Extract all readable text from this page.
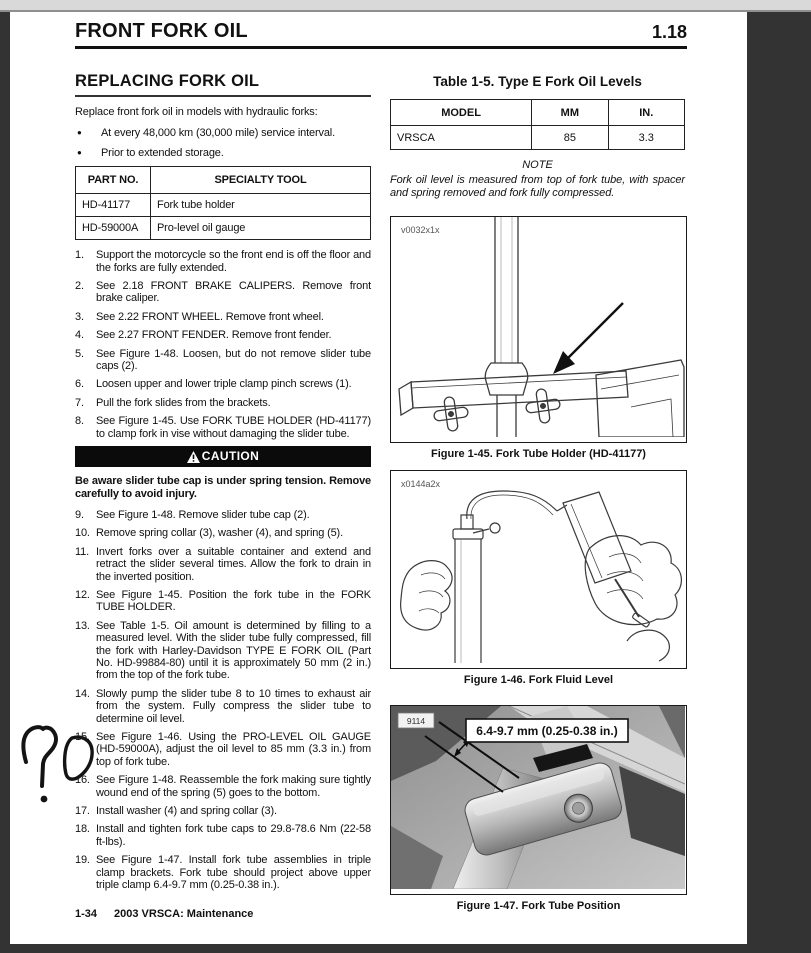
FRONT FORK OIL	1.18
REPLACING FORK OIL

Replace front fork oil in models with hydraulic forks:

●	At every 48,000 km (30,000 mile) service interval.
●	Prior to extended storage.
PART NO.	SPECIALTY TOOL
HD-41177	Fork tube holder
HD-59000A	Pro-level oil gauge
1.	Support the motorcycle so the front end is off the floor and the forks are fully extended.
2.	See 2.18 FRONT BRAKE CALIPERS. Remove front brake caliper.
3.	See 2.22 FRONT WHEEL. Remove front wheel.
4.	See 2.27 FRONT FENDER. Remove front fender.
5.	See Figure 1-48. Loosen, but do not remove slider tube caps (2).
6.	Loosen upper and lower triple clamp pinch screws (1).
7.	Pull the fork slides from the brackets.
8.	See Figure 1-45. Use FORK TUBE HOLDER (HD-41177) to clamp fork in vise without damaging the slider tube.
CAUTION

Be aware slider tube cap is under spring tension. Remove carefully to avoid injury.

9.	See Figure 1-48. Remove slider tube cap (2).
10. Remove spring collar (3), washer (4), and spring (5).
11. Invert forks over a suitable container and extend and retract the slider several times. Allow the fork to drain in the inverted position.
12. See Figure 1-45. Position the fork tube in the FORK TUBE HOLDER.
13. See Table 1-5. Oil amount is determined by filling to a measured level. With the slider tube fully compressed, fill the fork with Harley-Davidson TYPE E FORK OIL (Part No. HD-99884-80) until it is approximately 50 mm (2 in.) from the top of the fork tube.
14. Slowly pump the slider tube 8 to 10 times to exhaust air from the system. Fully compress the slider tube to determine oil level.
15. See Figure 1-46. Using the PRO-LEVEL OIL GAUGE (HD-59000A), adjust the oil level to 85 mm (3.3 in.) from top of fork tube.
16. See Figure 1-48. Reassemble the fork making sure tightly wound end of the spring (5) goes to the bottom.
17. Install washer (4) and spring collar (3).
18. Install and tighten fork tube caps to 29.8-78.6 Nm (22-58 ft-lbs).
19. See Figure 1-47. Install fork tube assemblies in triple clamp brackets. Fork tube should project above upper triple clamp 6.4-9.7 mm (0.25-0.38 in.).
Table 1-5. Type E Fork Oil Levels
MODEL	MM	IN.
VRSCA	85	3.3
NOTE
Fork oil level is measured from top of fork tube, with spacer and spring removed and fork fully compressed.
v0032x1x
Figure 1-45. Fork Tube Holder (HD-41177)
x0144a2x
Figure 1-46. Fork Fluid Level
6.4-9.7 mm (0.25-0.38 in.)
9114
Figure 1-47. Fork Tube Position
1-34 2003 VRSCA: Maintenance
